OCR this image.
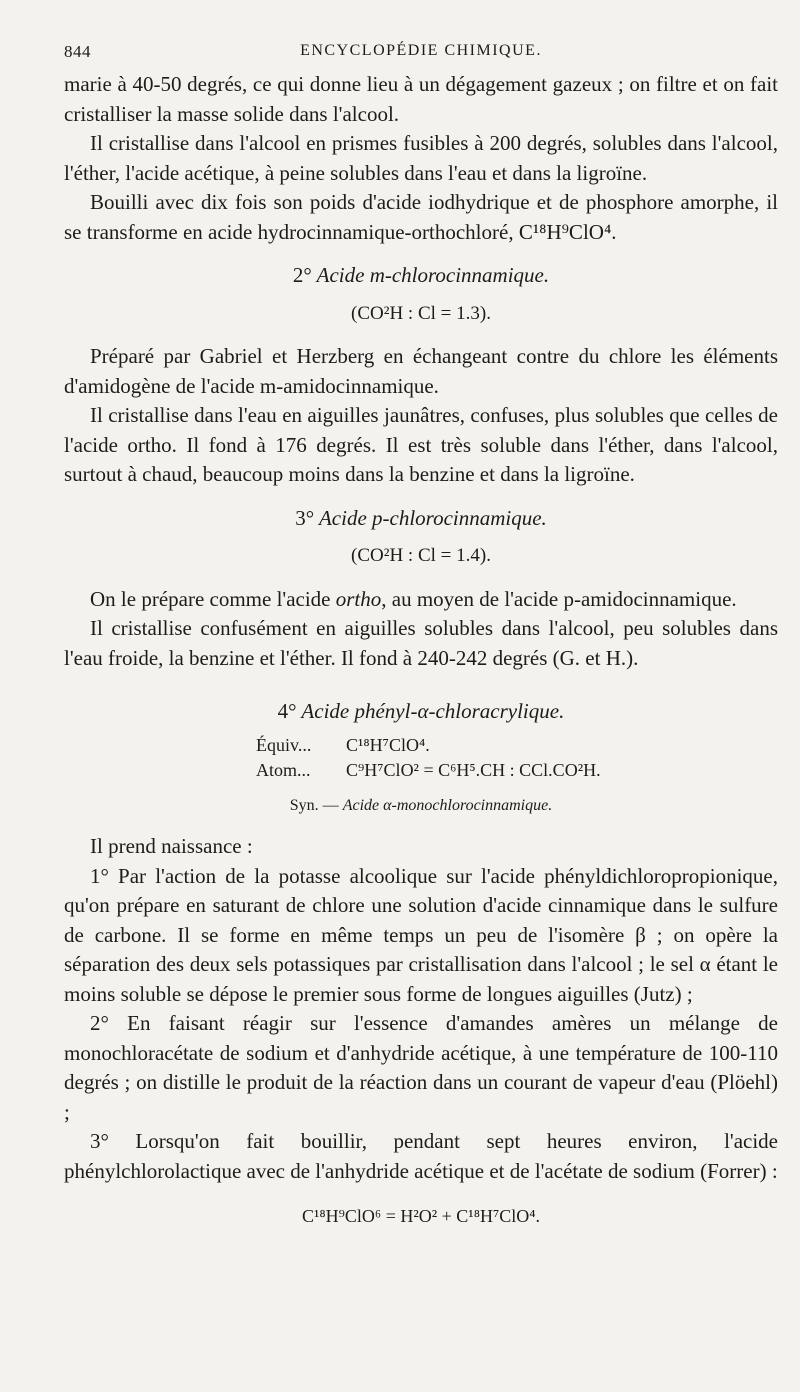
844	ENCYCLOPÉDIE CHIMIQUE.

marie à 40-50 degrés, ce qui donne lieu à un dégagement gazeux ; on filtre et on fait cristalliser la masse solide dans l'alcool.

Il cristallise dans l'alcool en prismes fusibles à 200 degrés, solubles dans l'alcool, l'éther, l'acide acétique, à peine solubles dans l'eau et dans la ligroïne.

Bouilli avec dix fois son poids d'acide iodhydrique et de phosphore amorphe, il se transforme en acide hydrocinnamique-orthochloré, C¹⁸H⁹ClO⁴.

2° Acide m-chlorocinnamique.
(CO²H : Cl = 1.3).

Préparé par Gabriel et Herzberg en échangeant contre du chlore les éléments d'amidogène de l'acide m-amidocinnamique.

Il cristallise dans l'eau en aiguilles jaunâtres, confuses, plus solubles que celles de l'acide ortho. Il fond à 176 degrés. Il est très soluble dans l'éther, dans l'alcool, surtout à chaud, beaucoup moins dans la benzine et dans la ligroïne.

3° Acide p-chlorocinnamique.
(CO²H : Cl = 1.4).

On le prépare comme l'acide ortho, au moyen de l'acide p-amidocinnamique.

Il cristallise confusément en aiguilles solubles dans l'alcool, peu solubles dans l'eau froide, la benzine et l'éther. Il fond à 240-242 degrés (G. et H.).

4° Acide phényl-α-chloracrylique.
Équiv... C¹⁸H⁷ClO⁴.
Atom... C⁹H⁷ClO² = C⁶H⁵.CH : CCl.CO²H.
Syn. — Acide α-monochlorocinnamique.

Il prend naissance :

1° Par l'action de la potasse alcoolique sur l'acide phényldichloropropionique, qu'on prépare en saturant de chlore une solution d'acide cinnamique dans le sulfure de carbone. Il se forme en même temps un peu de l'isomère β ; on opère la séparation des deux sels potassiques par cristallisation dans l'alcool ; le sel α étant le moins soluble se dépose le premier sous forme de longues aiguilles (Jutz) ;

2° En faisant réagir sur l'essence d'amandes amères un mélange de monochloracétate de sodium et d'anhydride acétique, à une température de 100-110 degrés ; on distille le produit de la réaction dans un courant de vapeur d'eau (Plöehl) ;

3° Lorsqu'on fait bouillir, pendant sept heures environ, l'acide phénylchlorolactique avec de l'anhydride acétique et de l'acétate de sodium (Forrer) :

C¹⁸H⁹ClO⁶ = H²O² + C¹⁸H⁷ClO⁴.
